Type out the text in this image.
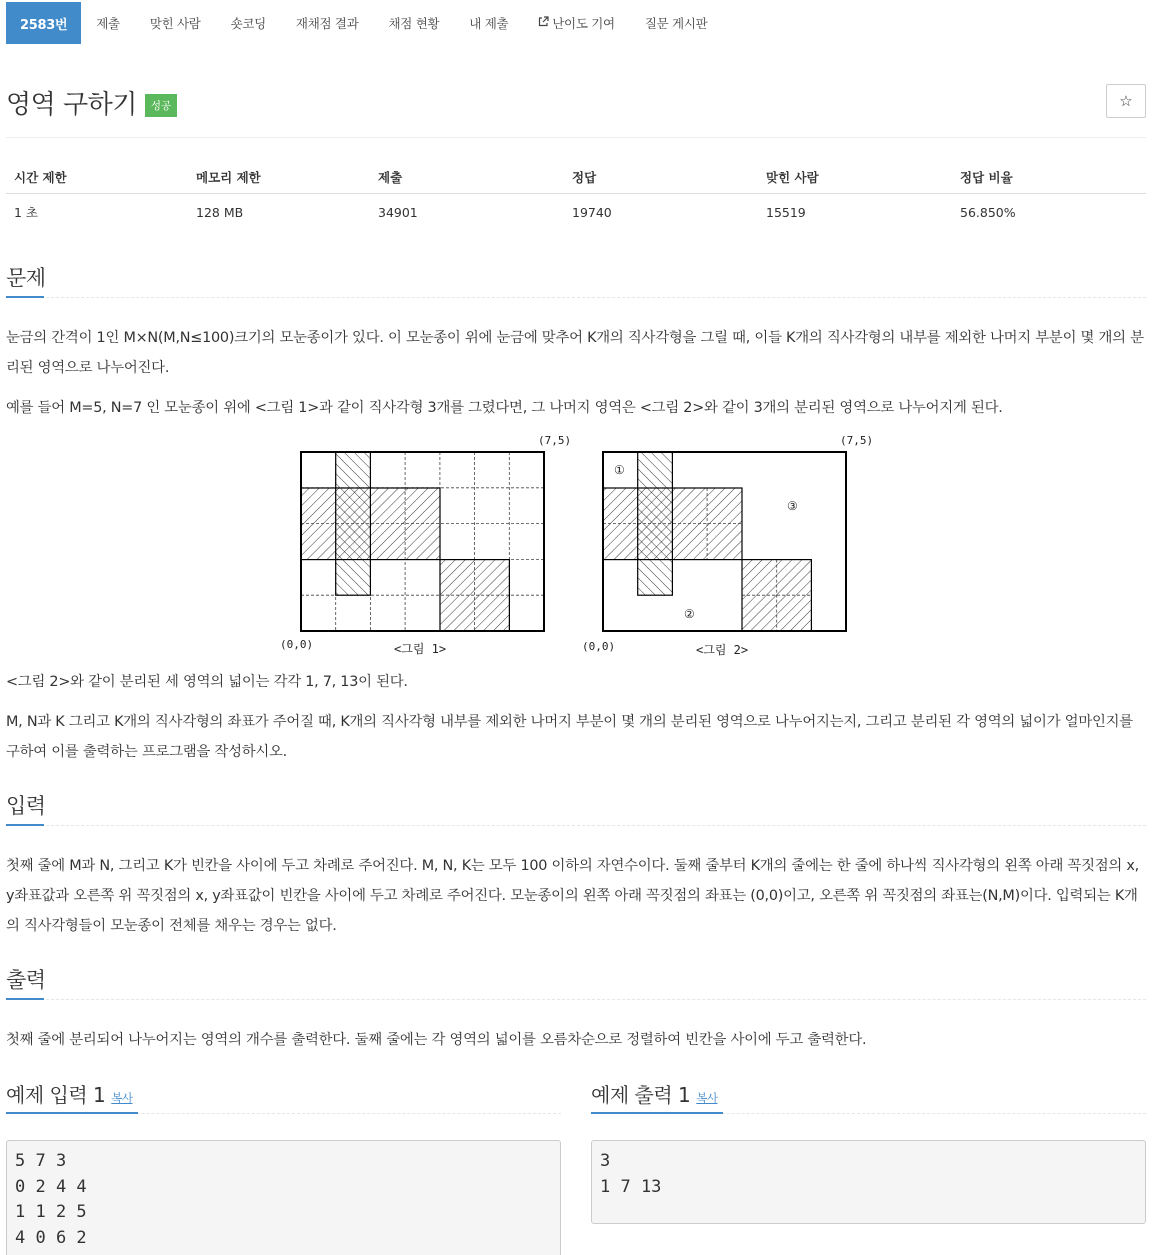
2583번	제출	맞힌 사람	숏코딩	재채점 결과	채점 현황	내 제출	난이도 기여	질문 게시판
영역 구하기	성공	☆
시간 제한	메모리 제한	제출	정답	맞힌 사람	정답 비율
1 초	128 MB	34901	19740	15519	56.850%
문제
눈금의 간격이 1인 M×N(M,N≤100)크기의 모눈종이가 있다. 이 모눈종이 위에 눈금에 맞추어 K개의 직사각형을 그릴 때, 이들 K개의 직사각형의 내부를 제외한 나머지 부분이 몇 개의 분리된 영역으로 나누어진다.
예를 들어 M=5, N=7 인 모눈종이 위에 <그림 1>과 같이 직사각형 3개를 그렸다면, 그 나머지 영역은 <그림 2>와 같이 3개의 분리된 영역으로 나누어지게 된다.
(7,5)
(0,0)	<그림 1>
①
②
③
(7,5)
(0,0)	<그림 2>
<그림 2>와 같이 분리된 세 영역의 넓이는 각각 1, 7, 13이 된다.
M, N과 K 그리고 K개의 직사각형의 좌표가 주어질 때, K개의 직사각형 내부를 제외한 나머지 부분이 몇 개의 분리된 영역으로 나누어지는지, 그리고 분리된 각 영역의 넓이가 얼마인지를 구하여 이를 출력하는 프로그램을 작성하시오.
입력
첫째 줄에 M과 N, 그리고 K가 빈칸을 사이에 두고 차례로 주어진다. M, N, K는 모두 100 이하의 자연수이다. 둘째 줄부터 K개의 줄에는 한 줄에 하나씩 직사각형의 왼쪽 아래 꼭짓점의 x, y좌표값과 오른쪽 위 꼭짓점의 x, y좌표값이 빈칸을 사이에 두고 차례로 주어진다. 모눈종이의 왼쪽 아래 꼭짓점의 좌표는 (0,0)이고, 오른쪽 위 꼭짓점의 좌표는(N,M)이다. 입력되는 K개의 직사각형들이 모눈종이 전체를 채우는 경우는 없다.
출력
첫째 줄에 분리되어 나누어지는 영역의 개수를 출력한다. 둘째 줄에는 각 영역의 넓이를 오름차순으로 정렬하여 빈칸을 사이에 두고 출력한다.
예제 입력 1 복사	예제 출력 1 복사
5 7 3
0 2 4 4
1 1 2 5
4 0 6 2
3
1 7 13
